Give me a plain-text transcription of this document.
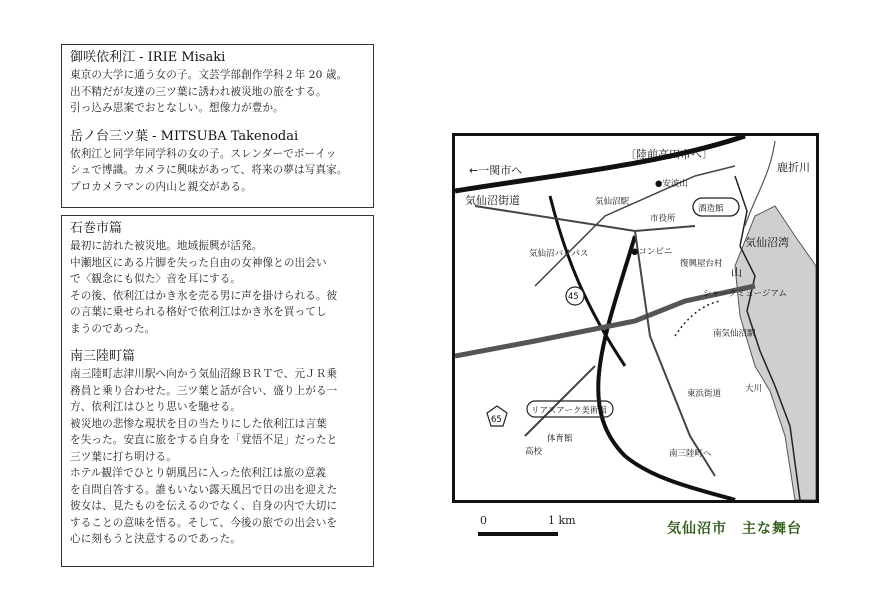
御咲依利江 - IRIE Misaki

東京の大学に通う女の子。文芸学部創作学科２年 20 歳。

出不精だが友達の三ツ葉に誘われ被災地の旅をする。

引っ込み思案でおとなしい。想像力が豊か。

岳ノ台三ツ葉 - MITSUBA Takenodai

依利江と同学年同学科の女の子。スレンダーでボーイッ

シュで博識。カメラに興味があって、将来の夢は写真家。

プロカメラマンの内山と親交がある。

石巻市篇

最初に訪れた被災地。地域振興が活発。

中瀬地区にある片脚を失った自由の女神像との出会い

で〈観念にも似た〉音を耳にする。

その後、依利江はかき氷を売る男に声を掛けられる。彼

の言葉に乗せられる格好で依利江はかき氷を買ってし

まうのであった。

南三陸町篇

南三陸町志津川駅へ向かう気仙沼線ＢＲＴで、元ＪＲ乗

務員と乗り合わせた。三ツ葉と話が合い、盛り上がる一

方、依利江はひとり思いを馳せる。

被災地の悲惨な現状を目の当たりにした依利江は言葉

を失った。安直に旅をする自身を「覚悟不足」だったと

三ツ葉に打ち明ける。

ホテル観洋でひとり朝風呂に入った依利江は旅の意義

を自問自答する。誰もいない露天風呂で日の出を迎えた

彼女は、見たものを伝えるのでなく、自身の内で大切に

することの意味を悟る。そして、今後の旅での出会いを

心に刻もうと決意するのであった。

〔陸前高田市へ〕
←一関市へ
気仙沼街道	気仙沼駅
●安波山
市役所
酒造館
鹿折川
気仙沼バイパス
45
●コンビニ
復興屋台村
シャークミュージアム
気仙沼湾
山
南気仙沼駅
65
リアスアーク美術館
高校
体育館
東浜街道	大川
南三陸町へ
0	1 km
気仙沼市　主な舞台
